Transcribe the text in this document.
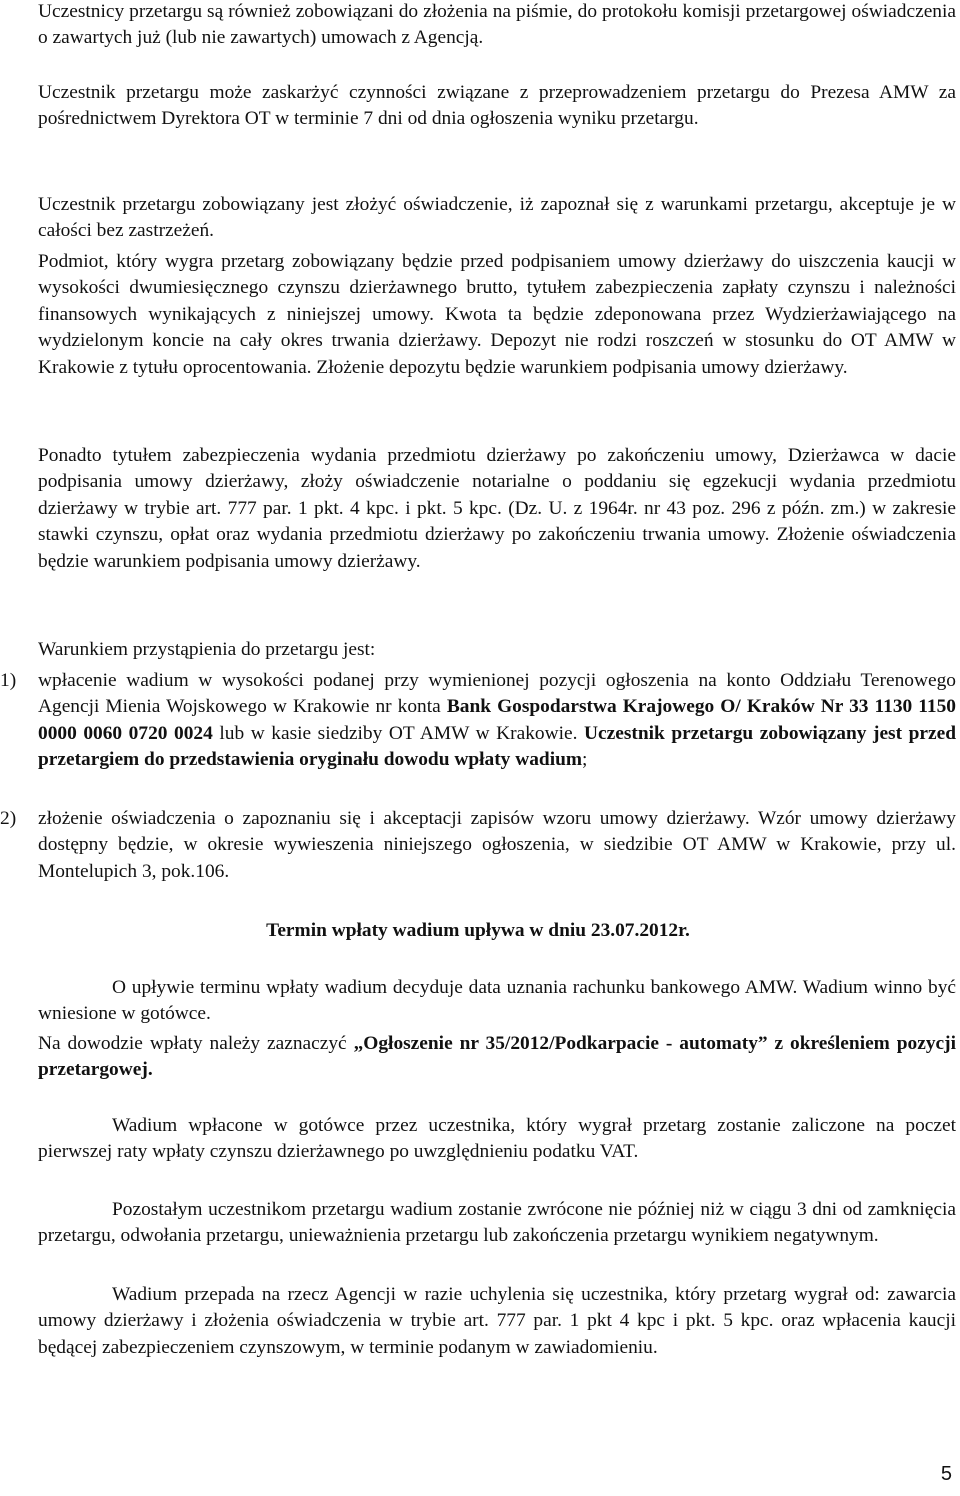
Uczestnicy przetargu są również zobowiązani do złożenia na piśmie, do protokołu komisji przetargowej oświadczenia o zawartych już (lub nie zawartych) umowach z Agencją.

Uczestnik przetargu może zaskarżyć czynności związane z przeprowadzeniem przetargu do Prezesa AMW za pośrednictwem Dyrektora OT w terminie 7 dni od dnia ogłoszenia wyniku przetargu.

Uczestnik przetargu zobowiązany jest złożyć oświadczenie, iż zapoznał się z warunkami przetargu, akceptuje je w całości bez zastrzeżeń.

Podmiot, który wygra przetarg zobowiązany będzie przed podpisaniem umowy dzierżawy do uiszczenia kaucji w wysokości dwumiesięcznego czynszu dzierżawnego brutto, tytułem zabezpieczenia zapłaty czynszu i należności finansowych wynikających z niniejszej umowy. Kwota ta będzie zdeponowana przez Wydzierżawiającego na wydzielonym koncie na cały okres trwania dzierżawy. Depozyt nie rodzi roszczeń w stosunku do OT AMW w Krakowie z tytułu oprocentowania. Złożenie depozytu będzie warunkiem podpisania umowy dzierżawy.

Ponadto tytułem zabezpieczenia wydania przedmiotu dzierżawy po zakończeniu umowy, Dzierżawca w dacie podpisania umowy dzierżawy, złoży oświadczenie notarialne o poddaniu się egzekucji wydania przedmiotu dzierżawy w trybie art. 777 par. 1 pkt. 4 kpc. i pkt. 5 kpc. (Dz. U. z 1964r. nr 43 poz. 296 z późn. zm.) w zakresie stawki czynszu, opłat oraz wydania przedmiotu dzierżawy po zakończeniu trwania umowy. Złożenie oświadczenia będzie warunkiem podpisania umowy dzierżawy.

Warunkiem przystąpienia do przetargu jest:

1) wpłacenie wadium w wysokości podanej przy wymienionej pozycji ogłoszenia na konto Oddziału Terenowego Agencji Mienia Wojskowego w Krakowie nr konta Bank Gospodarstwa Krajowego O/ Kraków Nr 33 1130 1150 0000 0060 0720 0024 lub w kasie siedziby OT AMW w Krakowie. Uczestnik przetargu zobowiązany jest przed przetargiem do przedstawienia oryginału dowodu wpłaty wadium;

2) złożenie oświadczenia o zapoznaniu się i akceptacji zapisów wzoru umowy dzierżawy. Wzór umowy dzierżawy dostępny będzie, w okresie wywieszenia niniejszego ogłoszenia, w siedzibie OT AMW w Krakowie, przy ul. Montelupich 3, pok.106.

Termin wpłaty wadium upływa w dniu 23.07.2012r.

O upływie terminu wpłaty wadium decyduje data uznania rachunku bankowego AMW. Wadium winno być wniesione w gotówce.

Na dowodzie wpłaty należy zaznaczyć „Ogłoszenie nr 35/2012/Podkarpacie - automaty” z określeniem pozycji przetargowej.

Wadium wpłacone w gotówce przez uczestnika, który wygrał przetarg zostanie zaliczone na poczet pierwszej raty wpłaty czynszu dzierżawnego po uwzględnieniu podatku VAT.

Pozostałym uczestnikom przetargu wadium zostanie zwrócone nie później niż w ciągu 3 dni od zamknięcia przetargu, odwołania przetargu, unieważnienia przetargu lub zakończenia przetargu wynikiem negatywnym.

Wadium przepada na rzecz Agencji w razie uchylenia się uczestnika, który przetarg wygrał od: zawarcia umowy dzierżawy i złożenia oświadczenia w trybie art. 777 par. 1 pkt 4 kpc i pkt. 5 kpc. oraz wpłacenia kaucji będącej zabezpieczeniem czynszowym, w terminie podanym w zawiadomieniu.

5
